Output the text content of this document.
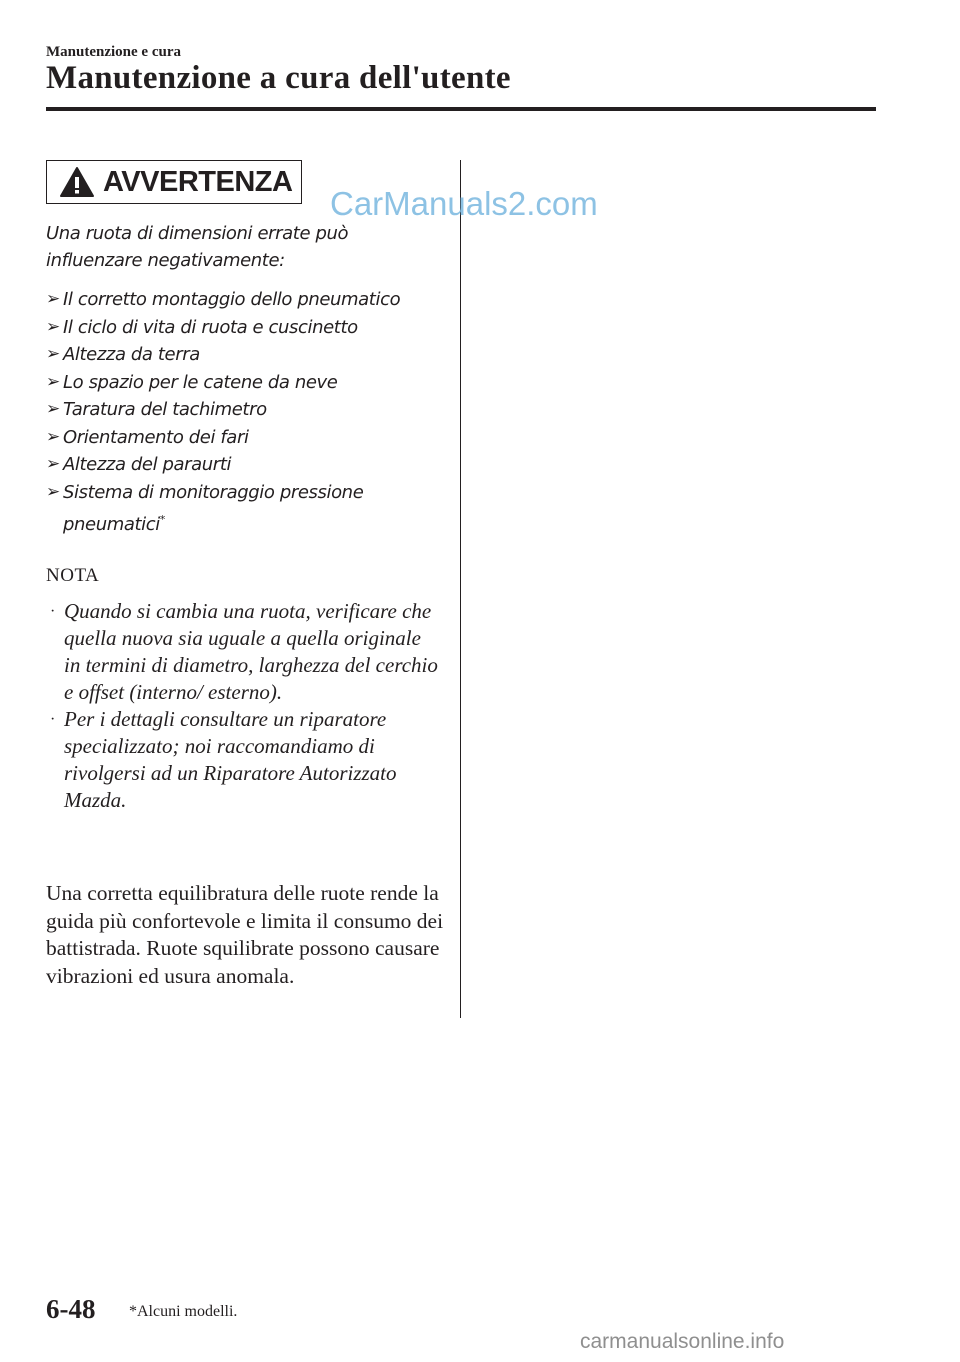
Manutenzione e cura
Manutenzione a cura dell'utente
AVVERTENZA
CarManuals2.com
Una ruota di dimensioni errate può influenzare negativamente:
➢ Il corretto montaggio dello pneumatico
➢ Il ciclo di vita di ruota e cuscinetto
➢ Altezza da terra
➢ Lo spazio per le catene da neve
➢ Taratura del tachimetro
➢ Orientamento dei fari
➢ Altezza del paraurti
➢ Sistema di monitoraggio pressione pneumatici*
NOTA
· Quando si cambia una ruota, verificare che quella nuova sia uguale a quella originale in termini di diametro, larghezza del cerchio e offset (interno/ esterno).
· Per i dettagli consultare un riparatore specializzato; noi raccomandiamo di rivolgersi ad un Riparatore Autorizzato Mazda.
Una corretta equilibratura delle ruote rende la guida più confortevole e limita il consumo dei battistrada. Ruote squilibrate possono causare vibrazioni ed usura anomala.
6-48 *Alcuni modelli.
carmanualsonline.info
